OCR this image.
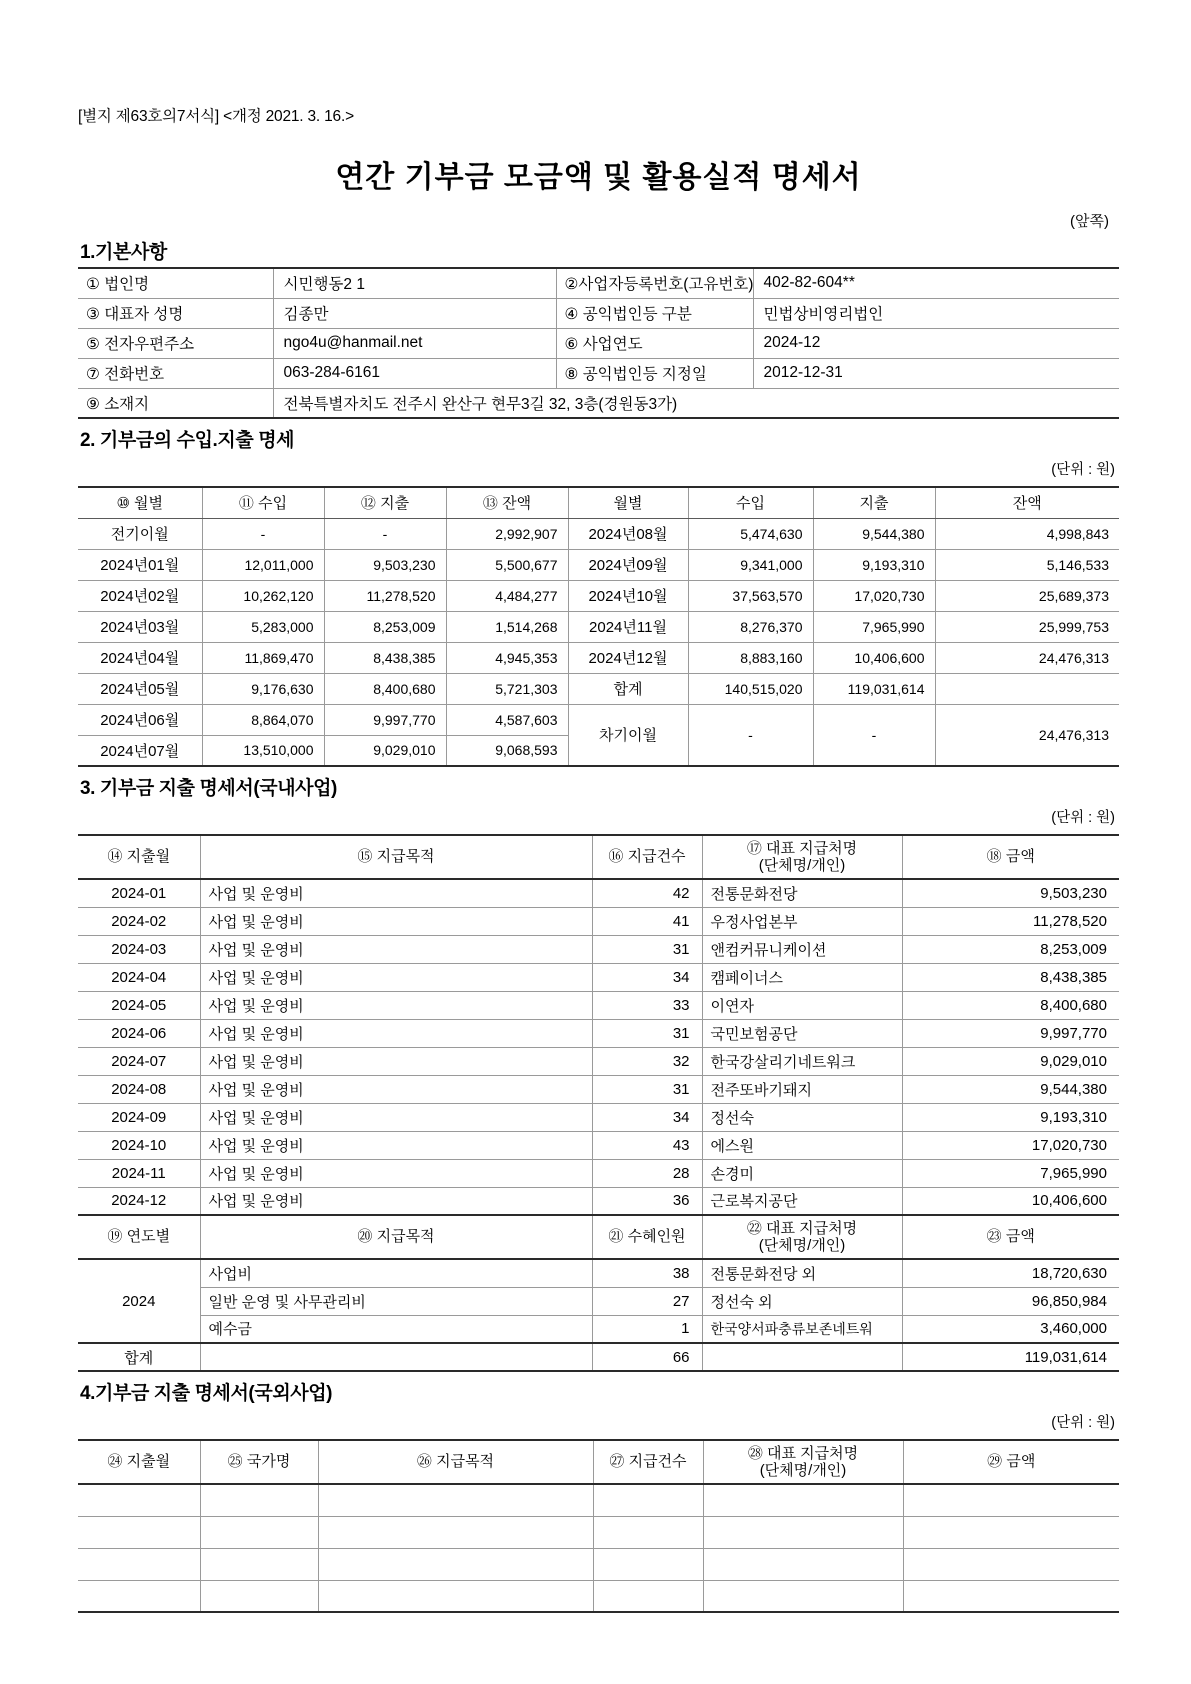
[별지 제63호의7서식] <개정 2021. 3. 16.>
연간 기부금 모금액 및 활용실적 명세서
(앞쪽)
1.기본사항
① 법인명	시민행동2 1	②사업자등록번호(고유번호)	402-82-604**
③ 대표자 성명	김종만	④ 공익법인등 구분	민법상비영리법인
⑤ 전자우편주소	ngo4u@hanmail.net	⑥ 사업연도	2024-12
⑦ 전화번호	063-284-6161	⑧ 공익법인등 지정일	2012-12-31
⑨ 소재지	전북특별자치도 전주시 완산구 현무3길 32, 3층(경원동3가)		
2. 기부금의 수입.지출 명세
(단위 : 원)
⑩ 월별	⑪ 수입	⑫ 지출	⑬ 잔액	월별	수입	지출	잔액
전기이월	-	-	2,992,907	2024년08월	5,474,630	9,544,380	4,998,843
2024년01월	12,011,000	9,503,230	5,500,677	2024년09월	9,341,000	9,193,310	5,146,533
2024년02월	10,262,120	11,278,520	4,484,277	2024년10월	37,563,570	17,020,730	25,689,373
2024년03월	5,283,000	8,253,009	1,514,268	2024년11월	8,276,370	7,965,990	25,999,753
2024년04월	11,869,470	8,438,385	4,945,353	2024년12월	8,883,160	10,406,600	24,476,313
2024년05월	9,176,630	8,400,680	5,721,303	합계	140,515,020	119,031,614	
2024년06월	8,864,070	9,997,770	4,587,603	차기이월	-	-	24,476,313
2024년07월	13,510,000	9,029,010	9,068,593				
3. 기부금 지출 명세서(국내사업)
(단위 : 원)
⑭ 지출월	⑮ 지급목적	⑯ 지급건수	⑰ 대표 지급처명
(단체명/개인)	⑱ 금액
2024-01	사업 및 운영비	42	전통문화전당	9,503,230
2024-02	사업 및 운영비	41	우정사업본부	11,278,520
2024-03	사업 및 운영비	31	앤컴커뮤니케이션	8,253,009
2024-04	사업 및 운영비	34	캠페이너스	8,438,385
2024-05	사업 및 운영비	33	이연자	8,400,680
2024-06	사업 및 운영비	31	국민보험공단	9,997,770
2024-07	사업 및 운영비	32	한국강살리기네트워크	9,029,010
2024-08	사업 및 운영비	31	전주또바기돼지	9,544,380
2024-09	사업 및 운영비	34	정선숙	9,193,310
2024-10	사업 및 운영비	43	에스원	17,020,730
2024-11	사업 및 운영비	28	손경미	7,965,990
2024-12	사업 및 운영비	36	근로복지공단	10,406,600
⑲ 연도별	⑳ 지급목적	㉑ 수혜인원	㉒ 대표 지급처명
(단체명/개인)	㉓ 금액
2024	사업비	38	전통문화전당 외	18,720,630
	일반 운영 및 사무관리비	27	정선숙 외	96,850,984
	예수금	1	한국양서파충류보존네트워	3,460,000
합계		66		119,031,614
4.기부금 지출 명세서(국외사업)
(단위 : 원)
㉔ 지출월	㉕ 국가명	㉖ 지급목적	㉗ 지급건수	㉘ 대표 지급처명
(단체명/개인)	㉙ 금액
